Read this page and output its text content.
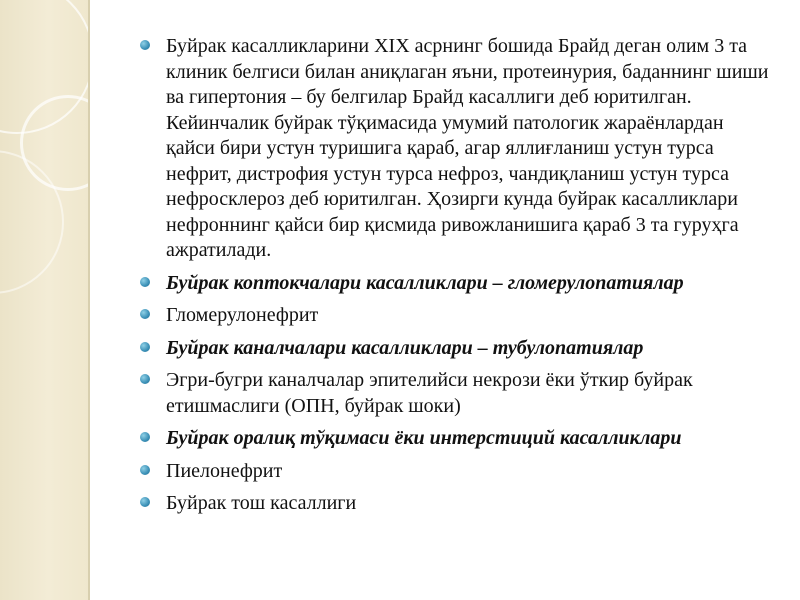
Буйрак касалликларини XIX асрнинг бошида Брайд деган олим 3 та клиник белгиси билан аниқлаган яъни, протеинурия, баданнинг шиши ва гипертония – бу белгилар Брайд касаллиги деб юритилган. Кейинчалик буйрак тўқимасида умумий патологик жараёнлардан қайси бири устун туришига қараб, агар яллиғланиш устун турса нефрит, дистрофия устун турса нефроз, чандиқланиш устун турса нефросклероз деб юритилган. Ҳозирги кунда буйрак касалликлари нефроннинг қайси бир қисмида ривожланишига қараб 3 та гуруҳга ажратилади.
Буйрак коптокчалари касалликлари – гломерулопатиялар
Гломерулонефрит
Буйрак каналчалари касалликлари – тубулопатиялар
Эгри-бугри каналчалар эпителийси некрози ёки ўткир буйрак етишмаслиги (ОПН, буйрак шоки)
Буйрак оралиқ тўқимаси ёки интерстиций касалликлари
Пиелонефрит
Буйрак тош касаллиги
